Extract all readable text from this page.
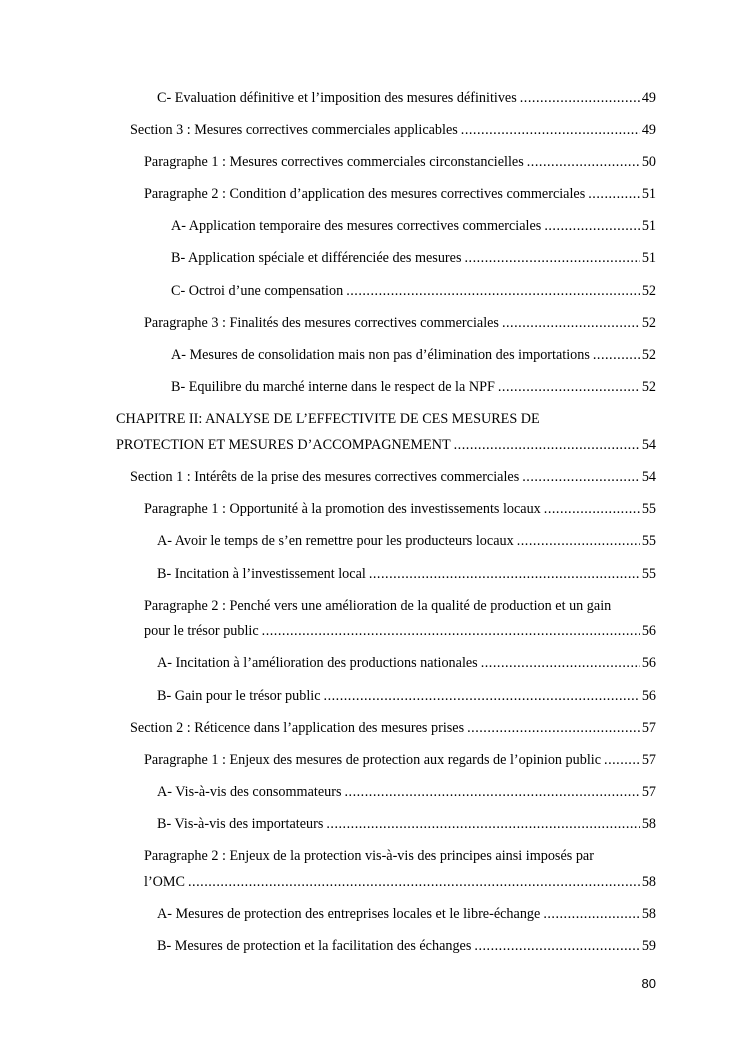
C- Evaluation définitive et l’imposition des mesures définitives .....	49
Section 3 : Mesures correctives commerciales applicables .....	49
Paragraphe 1 : Mesures correctives commerciales circonstancielles .....	50
Paragraphe 2 : Condition d’application des mesures correctives commerciales .....	51
A- Application temporaire des mesures correctives commerciales .....	51
B- Application spéciale et différenciée des mesures .....	51
C- Octroi d’une compensation .....	52
Paragraphe 3 : Finalités des mesures correctives commerciales .....	52
A- Mesures de consolidation mais non pas d’élimination des importations .....	52
B- Equilibre du marché interne dans le respect de la NPF .....	52
CHAPITRE II: ANALYSE DE L’EFFECTIVITE DE CES MESURES DE
PROTECTION ET MESURES D’ACCOMPAGNEMENT .....	54
Section 1 : Intérêts de la prise des mesures correctives commerciales .....	54
Paragraphe 1 : Opportunité à la promotion des investissements locaux .....	55
A- Avoir le temps de s’en remettre pour les producteurs locaux .....	55
B- Incitation à l’investissement local .....	55
Paragraphe 2 : Penché vers une amélioration de la qualité de production et un gain
pour le trésor public .....	56
A- Incitation à l’amélioration des productions nationales .....	56
B- Gain pour le trésor public .....	56
Section 2 : Réticence dans l’application des mesures prises .....	57
Paragraphe 1 : Enjeux des mesures de protection aux regards de l’opinion public .....	57
A- Vis-à-vis des consommateurs .....	57
B- Vis-à-vis des importateurs .....	58
Paragraphe 2 : Enjeux de la protection vis-à-vis des principes ainsi imposés par
l’OMC .....	58
A- Mesures de protection des entreprises locales et le libre-échange .....	58
B- Mesures de protection et la facilitation des échanges .....	59
80
